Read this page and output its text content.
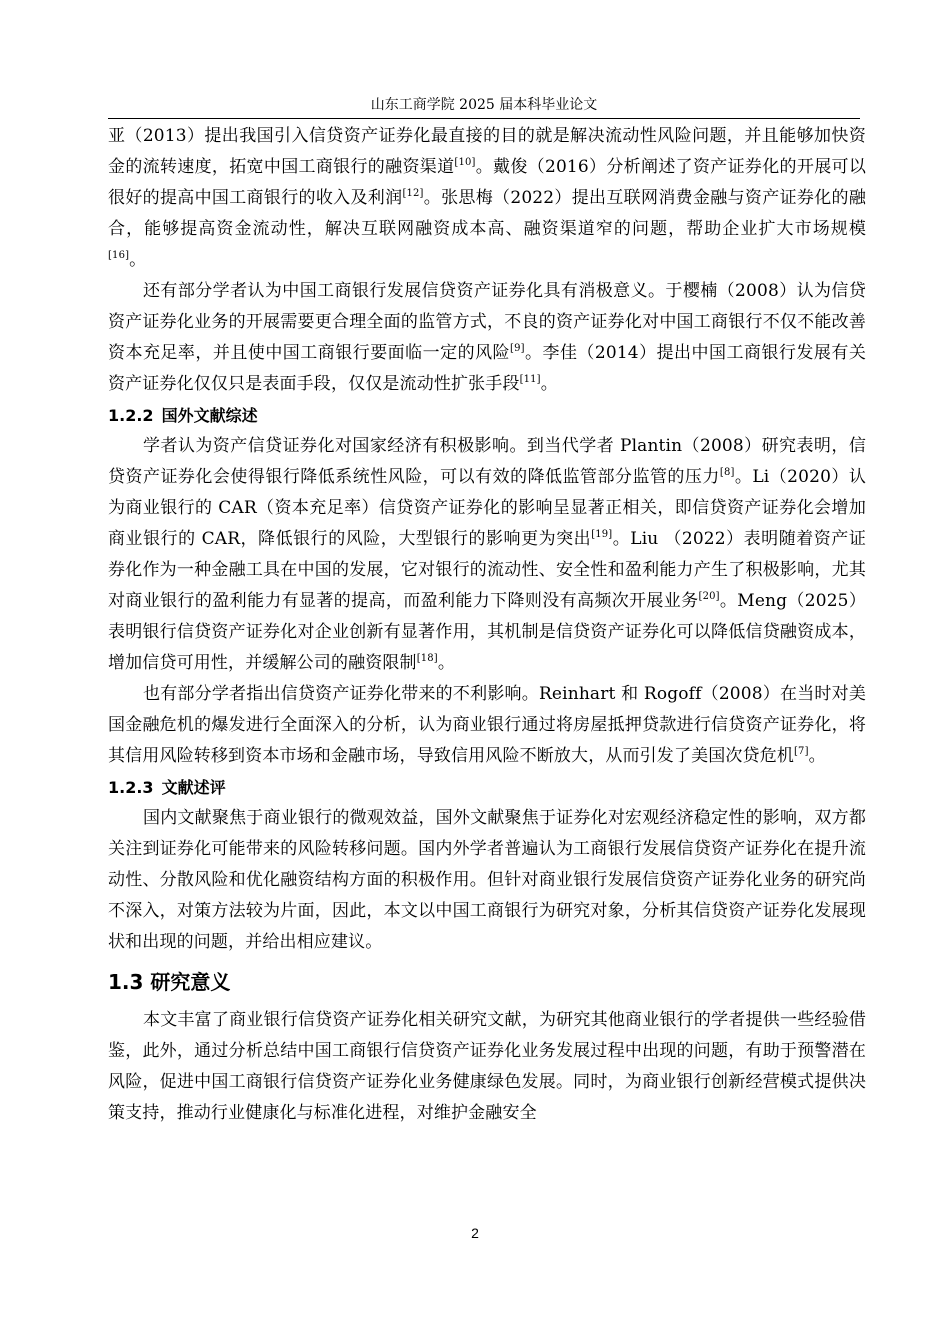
山东工商学院 2025 届本科毕业论文

亚（2013）提出我国引入信贷资产证券化最直接的目的就是解决流动性风险问题，并且能够加快资金的流转速度，拓宽中国工商银行的融资渠道[10]。戴俊（2016）分析阐述了资产证券化的开展可以很好的提高中国工商银行的收入及利润[12]。张思梅（2022）提出互联网消费金融与资产证券化的融合，能够提高资金流动性，解决互联网融资成本高、融资渠道窄的问题，帮助企业扩大市场规模[16]。

还有部分学者认为中国工商银行发展信贷资产证券化具有消极意义。于樱楠（2008）认为信贷资产证券化业务的开展需要更合理全面的监管方式，不良的资产证券化对中国工商银行不仅不能改善资本充足率，并且使中国工商银行要面临一定的风险[9]。李佳（2014）提出中国工商银行发展有关资产证券化仅仅只是表面手段，仅仅是流动性扩张手段[11]。

1.2.2 国外文献综述

学者认为资产信贷证券化对国家经济有积极影响。到当代学者 Plantin（2008）研究表明，信贷资产证券化会使得银行降低系统性风险，可以有效的降低监管部分监管的压力[8]。Li（2020）认为商业银行的 CAR（资本充足率）信贷资产证券化的影响呈显著正相关，即信贷资产证券化会增加商业银行的 CAR，降低银行的风险，大型银行的影响更为突出[19]。Liu （2022）表明随着资产证券化作为一种金融工具在中国的发展，它对银行的流动性、安全性和盈利能力产生了积极影响，尤其对商业银行的盈利能力有显著的提高，而盈利能力下降则没有高频次开展业务[20]。Meng（2025）表明银行信贷资产证券化对企业创新有显著作用，其机制是信贷资产证券化可以降低信贷融资成本，增加信贷可用性，并缓解公司的融资限制[18]。

也有部分学者指出信贷资产证券化带来的不利影响。Reinhart 和 Rogoff（2008）在当时对美国金融危机的爆发进行全面深入的分析，认为商业银行通过将房屋抵押贷款进行信贷资产证券化，将其信用风险转移到资本市场和金融市场，导致信用风险不断放大，从而引发了美国次贷危机[7]。

1.2.3 文献述评

国内文献聚焦于商业银行的微观效益，国外文献聚焦于证券化对宏观经济稳定性的影响，双方都关注到证券化可能带来的风险转移问题。国内外学者普遍认为工商银行发展信贷资产证券化在提升流动性、分散风险和优化融资结构方面的积极作用。但针对商业银行发展信贷资产证券化业务的研究尚不深入，对策方法较为片面，因此，本文以中国工商银行为研究对象，分析其信贷资产证券化发展现状和出现的问题，并给出相应建议。

1.3 研究意义

本文丰富了商业银行信贷资产证券化相关研究文献，为研究其他商业银行的学者提供一些经验借鉴，此外，通过分析总结中国工商银行信贷资产证券化业务发展过程中出现的问题，有助于预警潜在风险，促进中国工商银行信贷资产证券化业务健康绿色发展。同时，为商业银行创新经营模式提供决策支持，推动行业健康化与标准化进程，对维护金融安全

2
